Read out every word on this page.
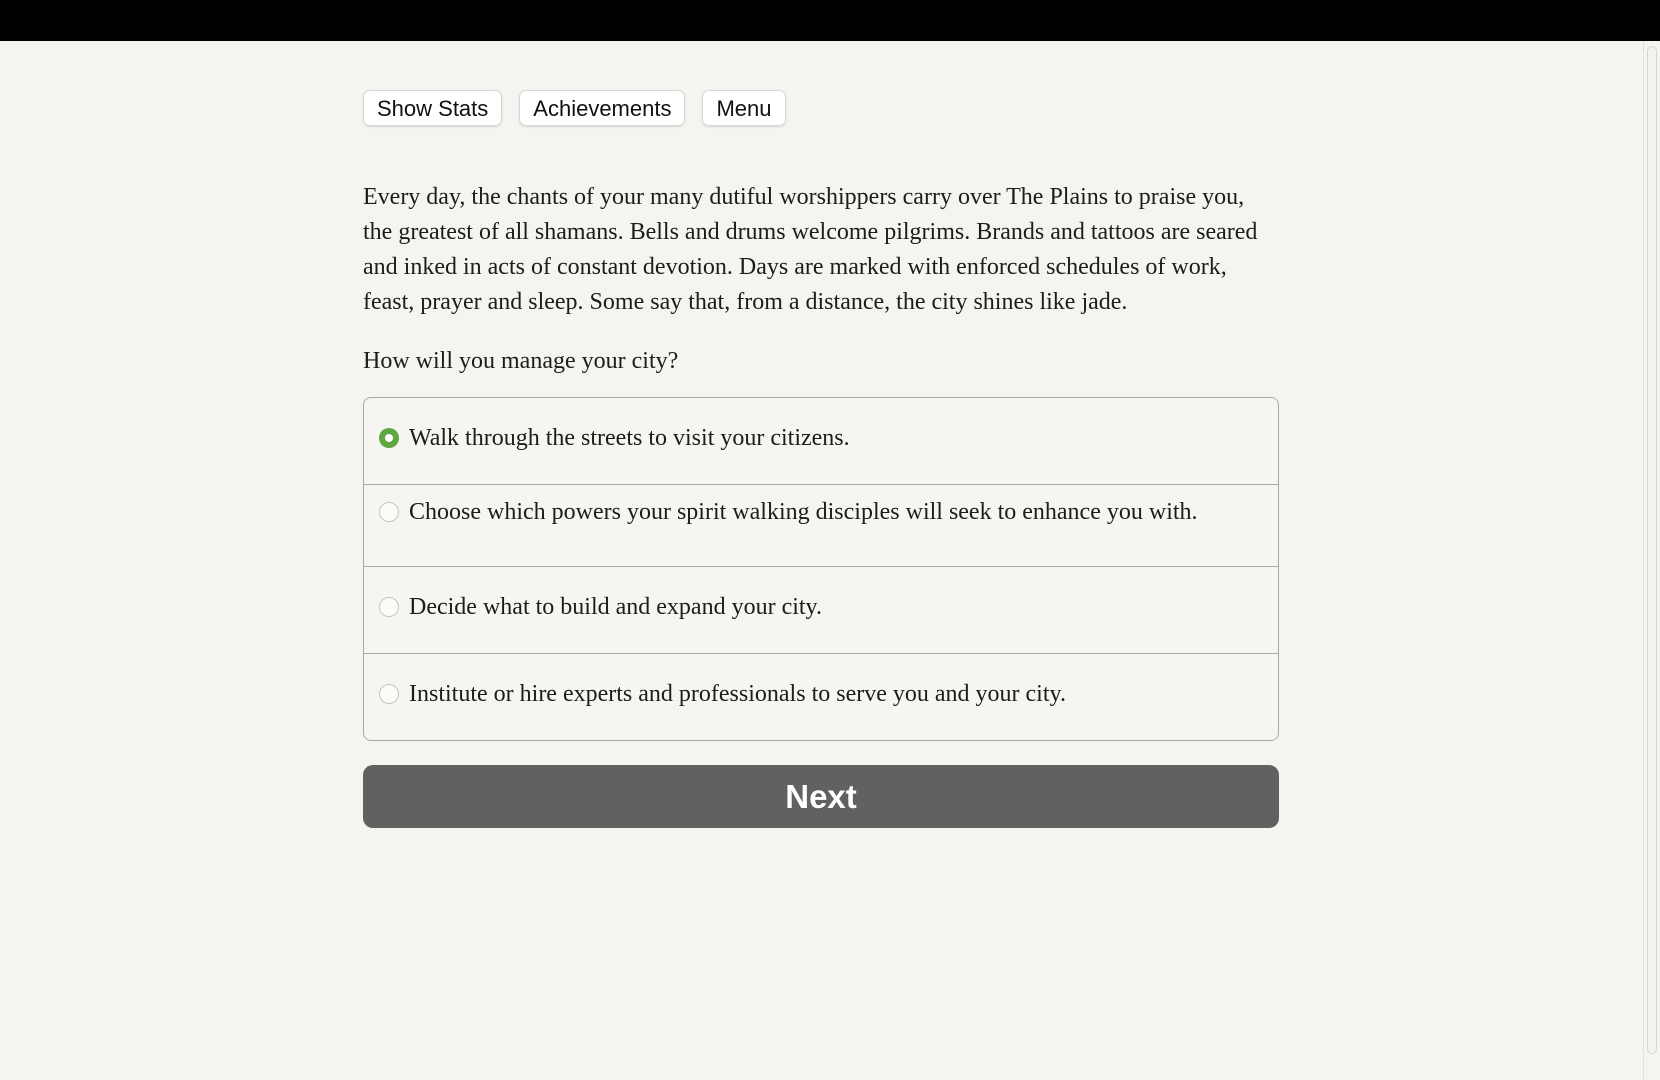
Show Stats	Achievements	Menu

Every day, the chants of your many dutiful worshippers carry over The Plains to praise you, the greatest of all shamans. Bells and drums welcome pilgrims. Brands and tattoos are seared and inked in acts of constant devotion. Days are marked with enforced schedules of work, feast, prayer and sleep. Some say that, from a distance, the city shines like jade.

How will you manage your city?
Walk through the streets to visit your citizens.
Choose which powers your spirit walking disciples will seek to enhance you with.
Decide what to build and expand your city.
Institute or hire experts and professionals to serve you and your city.
Next
